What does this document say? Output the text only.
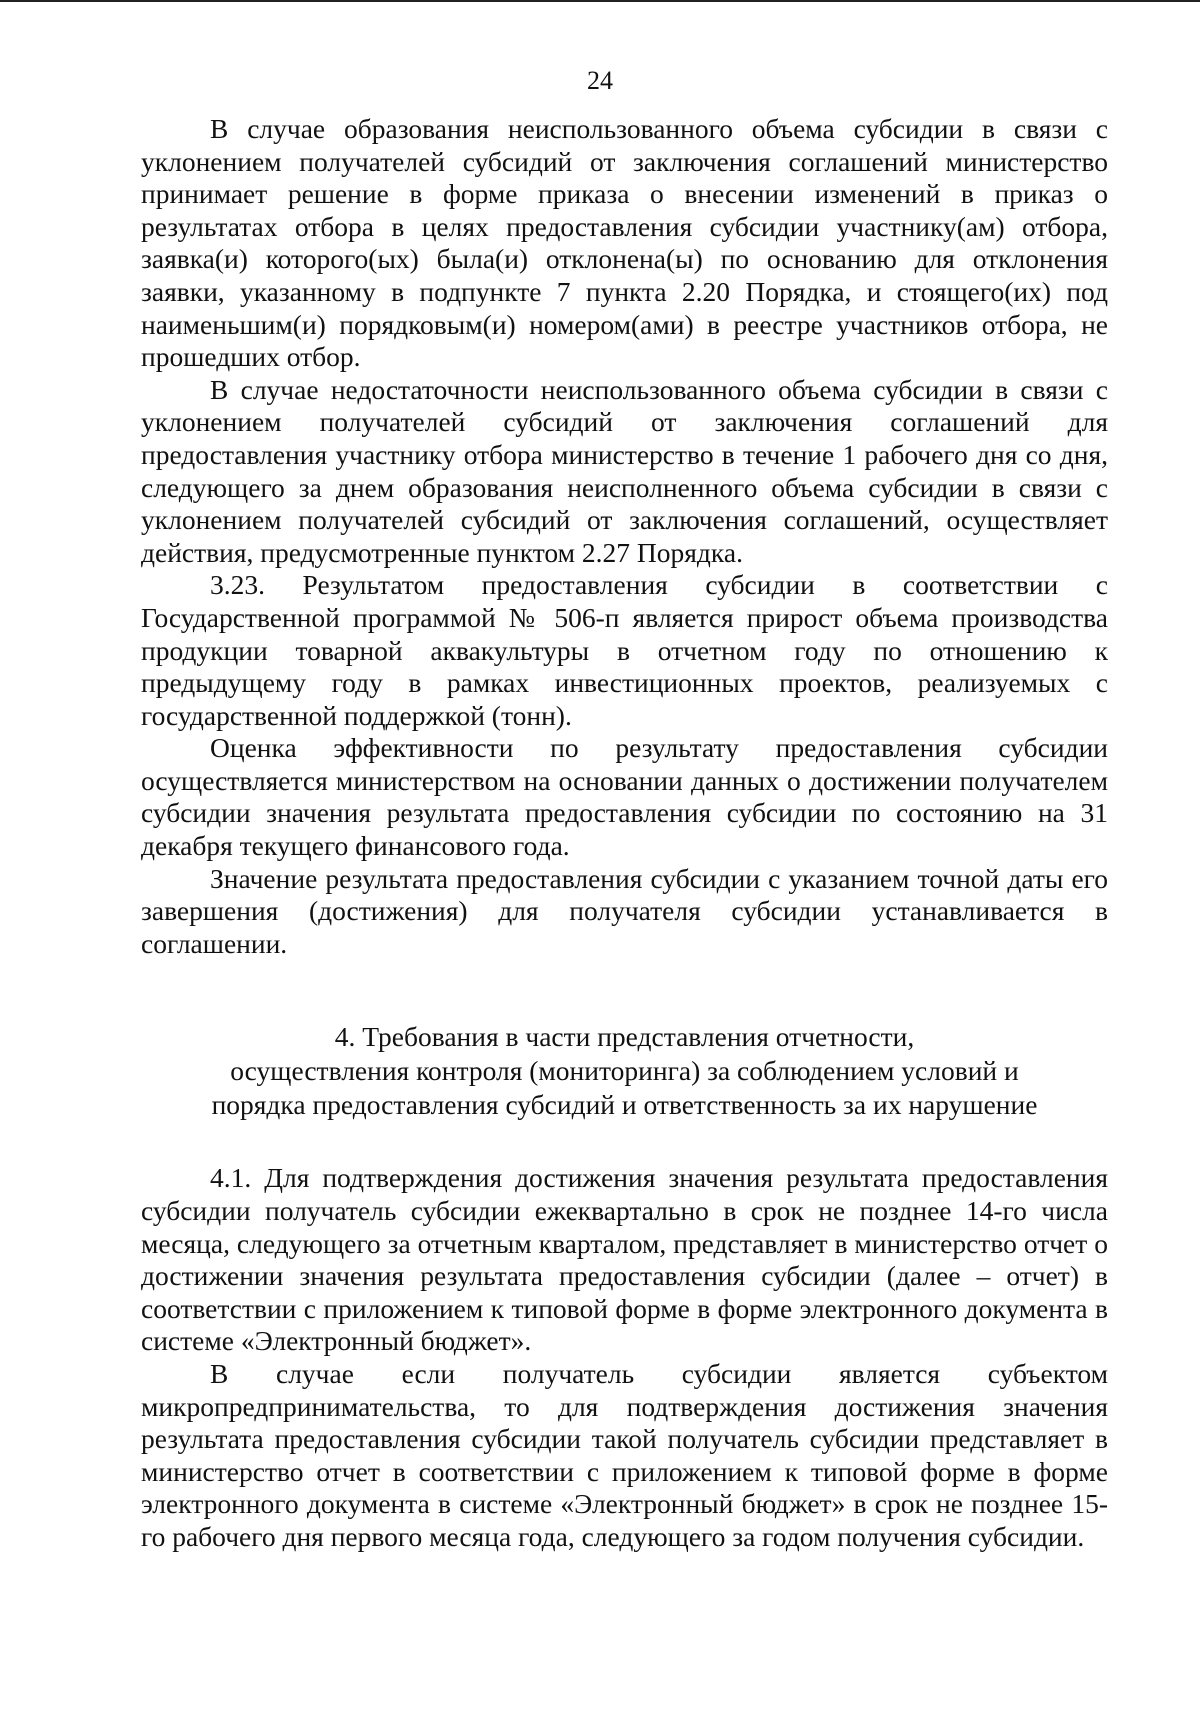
24

В случае образования неиспользованного объема субсидии в связи с уклонением получателей субсидий от заключения соглашений министерство принимает решение в форме приказа о внесении изменений в приказ о результатах отбора в целях предоставления субсидии участнику(ам) отбора, заявка(и) которого(ых) была(и) отклонена(ы) по основанию для отклонения заявки, указанному в подпункте 7 пункта 2.20 Порядка, и стоящего(их) под наименьшим(и) порядковым(и) номером(ами) в реестре участников отбора, не прошедших отбор.

В случае недостаточности неиспользованного объема субсидии в связи с уклонением получателей субсидий от заключения соглашений для предоставления участнику отбора министерство в течение 1 рабочего дня со дня, следующего за днем образования неисполненного объема субсидии в связи с уклонением получателей субсидий от заключения соглашений, осуществляет действия, предусмотренные пунктом 2.27 Порядка.

3.23. Результатом предоставления субсидии в соответствии с Государственной программой № 506-п является прирост объема производства продукции товарной аквакультуры в отчетном году по отношению к предыдущему году в рамках инвестиционных проектов, реализуемых с государственной поддержкой (тонн).

Оценка эффективности по результату предоставления субсидии осуществляется министерством на основании данных о достижении получателем субсидии значения результата предоставления субсидии по состоянию на 31 декабря текущего финансового года.

Значение результата предоставления субсидии с указанием точной даты его завершения (достижения) для получателя субсидии устанавливается в соглашении.

4. Требования в части представления отчетности,
осуществления контроля (мониторинга) за соблюдением условий и
порядка предоставления субсидий и ответственность за их нарушение

4.1. Для подтверждения достижения значения результата предоставления субсидии получатель субсидии ежеквартально в срок не позднее 14-го числа месяца, следующего за отчетным кварталом, представляет в министерство отчет о достижении значения результата предоставления субсидии (далее – отчет) в соответствии с приложением к типовой форме в форме электронного документа в системе «Электронный бюджет».

В случае если получатель субсидии является субъектом микропредпринимательства, то для подтверждения достижения значения результата предоставления субсидии такой получатель субсидии представляет в министерство отчет в соответствии с приложением к типовой форме в форме электронного документа в системе «Электронный бюджет» в срок не позднее 15-го рабочего дня первого месяца года, следующего за годом получения субсидии.
